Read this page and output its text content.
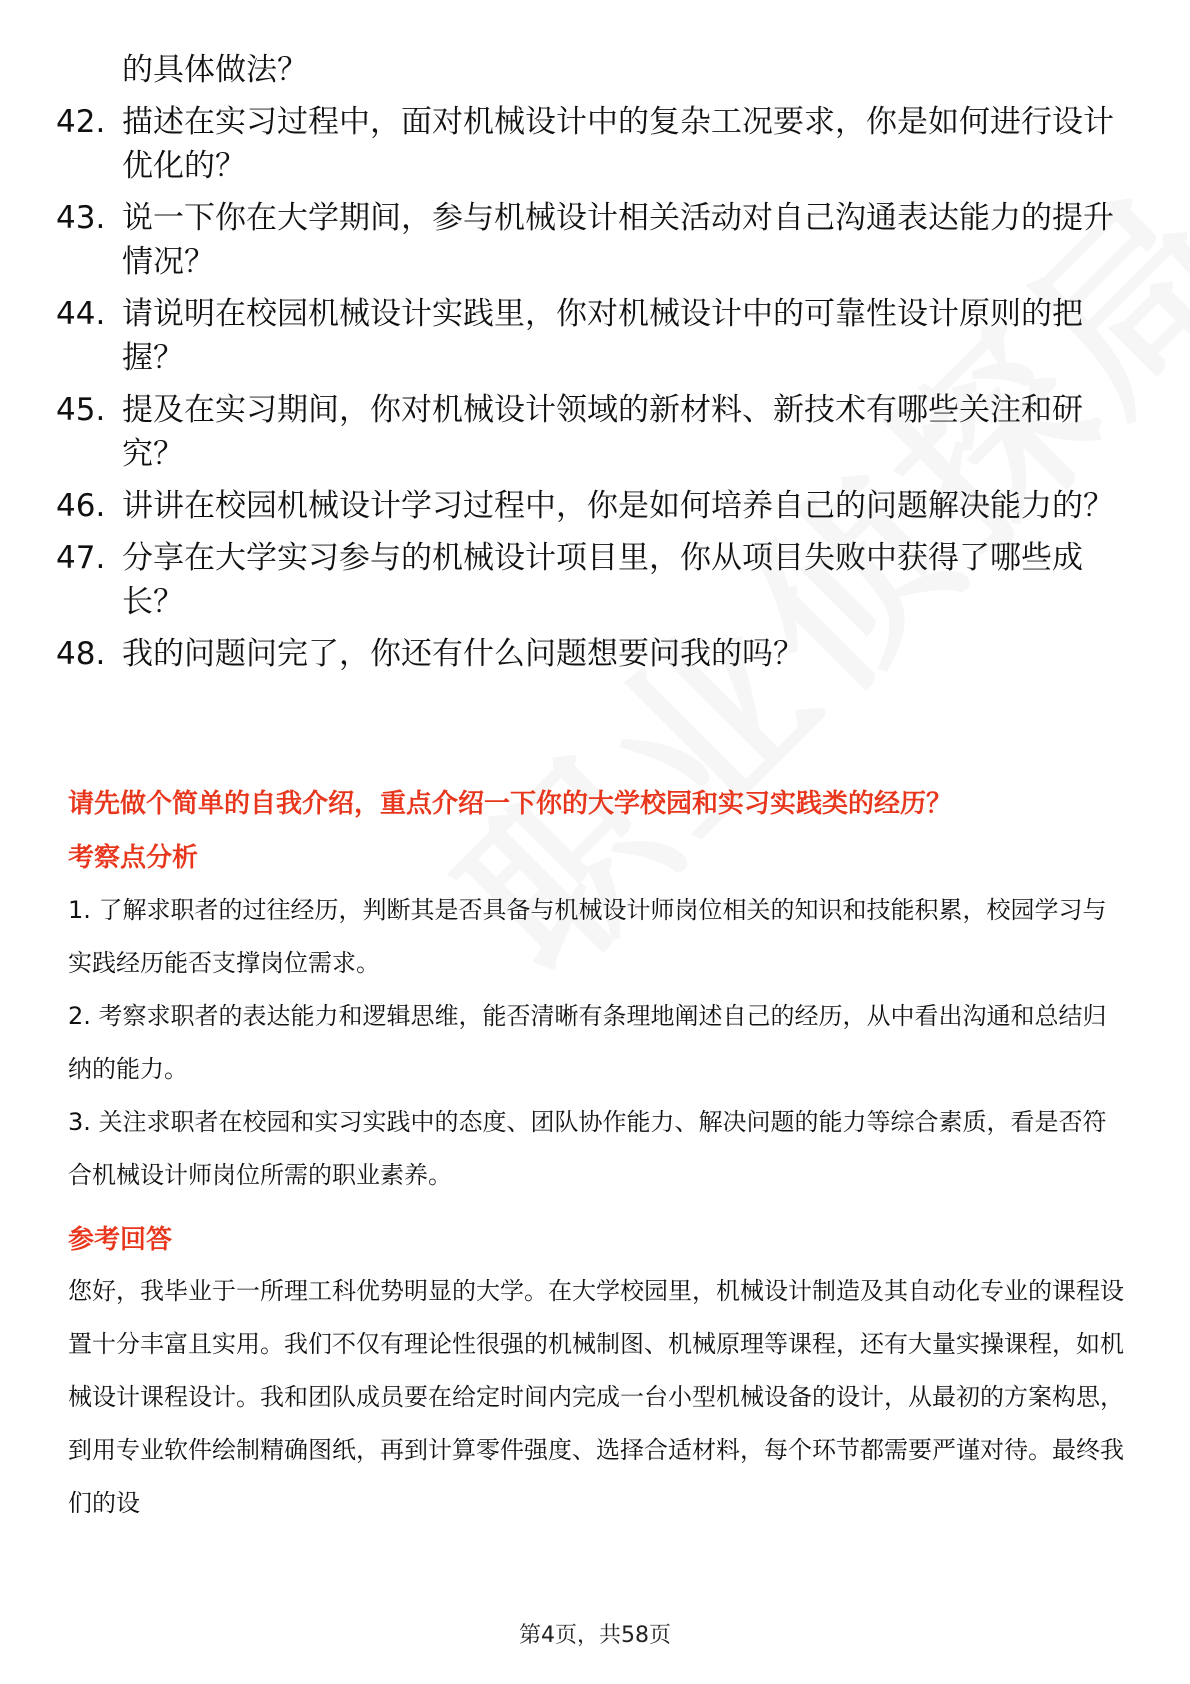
的具体做法？
42. 描述在实习过程中，面对机械设计中的复杂工况要求，你是如何进行设计优化的？
43. 说一下你在大学期间，参与机械设计相关活动对自己沟通表达能力的提升情况？
44. 请说明在校园机械设计实践里，你对机械设计中的可靠性设计原则的把握？
45. 提及在实习期间，你对机械设计领域的新材料、新技术有哪些关注和研究？
46. 讲讲在校园机械设计学习过程中，你是如何培养自己的问题解决能力的？
47. 分享在大学实习参与的机械设计项目里，你从项目失败中获得了哪些成长？
48. 我的问题问完了，你还有什么问题想要问我的吗？
请先做个简单的自我介绍，重点介绍一下你的大学校园和实习实践类的经历？
考察点分析
1. 了解求职者的过往经历，判断其是否具备与机械设计师岗位相关的知识和技能积累，校园学习与实践经历能否支撑岗位需求。
2. 考察求职者的表达能力和逻辑思维，能否清晰有条理地阐述自己的经历，从中看出沟通和总结归纳的能力。
3. 关注求职者在校园和实习实践中的态度、团队协作能力、解决问题的能力等综合素质，看是否符合机械设计师岗位所需的职业素养。
参考回答
您好，我毕业于一所理工科优势明显的大学。在大学校园里，机械设计制造及其自动化专业的课程设置十分丰富且实用。我们不仅有理论性很强的机械制图、机械原理等课程，还有大量实操课程，如机械设计课程设计。我和团队成员要在给定时间内完成一台小型机械设备的设计，从最初的方案构思，到用专业软件绘制精确图纸，再到计算零件强度、选择合适材料，每个环节都需要严谨对待。最终我们的设
第4页，共58页
